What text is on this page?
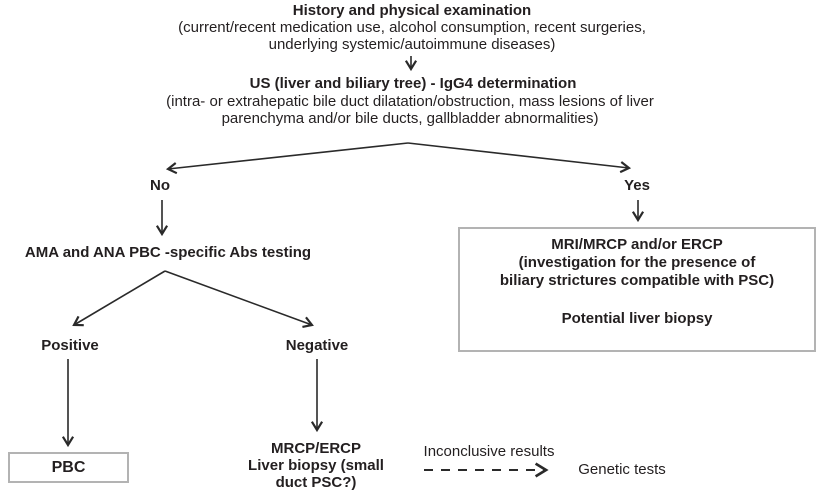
History and physical examination
(current/recent medication use, alcohol consumption, recent surgeries,
underlying systemic/autoimmune diseases)
US (liver and biliary tree) - IgG4 determination
(intra- or extrahepatic bile duct dilatation/obstruction, mass lesions of liver
parenchyma and/or bile ducts, gallbladder abnormalities)
No	Yes
AMA and ANA PBC -specific Abs testing
Positive	Negative
PBC
MRCP/ERCP
Liver biopsy (small
duct PSC?)
MRI/MRCP and/or ERCP
(investigation for the presence of
biliary strictures compatible with PSC)
Potential liver biopsy
Inconclusive results
Genetic tests
